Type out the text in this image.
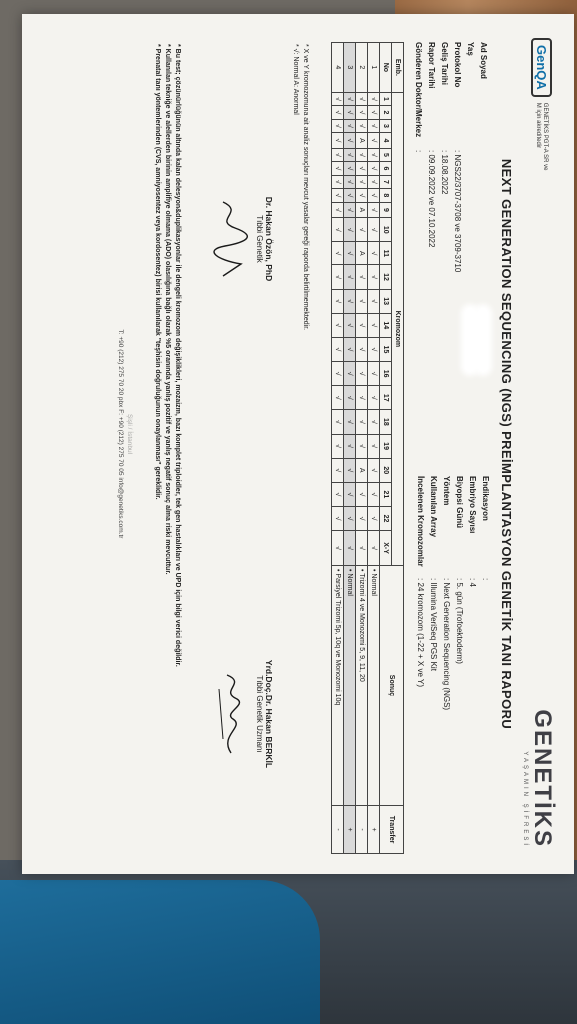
GenQA
GENETİKS PGT-A SR ve M için akreditedir
GENETİKS
YAŞAMIN ŞİFRESİ
NEXT GENERATION SEQUENCING (NGS) PREİMPLANTASYON GENETİK TANI RAPORU
Ad Soyad
Yaş
Protokol No
: NGS22/3707-3708 ve 3709-3710
Geliş Tarihi
: 18.08.2022
Rapor Tarihi
: 09.09.2022 ve 07.10.2022
Gönderen Doktor/Merkez
:
Endikasyon
:
Embriyo Sayısı
: 4
Biyopsi Günü
: 5. gün (Trofoektoderm)
Yöntem
: Next Generation Sequencing (NGS)
Kullanılan Array
: Illumina VeriSeq PGS Kit
İncelenen Kromozomlar
: 24 kromozom (1-22 + X ve Y)
Emb.	Kromozom																							Sonuç	Transfer
No	1	2	3	4	5	6	7	8	9	10	11	12	13	14	15	16	17	18	19	20	21	22	X-Y		
1	√	√	√	√	√	√	√	√	√	√	√	√	√	√	√	√	√	√	√	√	√	√	√	• Normal	+
2	√	√	√	A	√	√	√	√	A	√	A	√	√	√	√	√	√	√	√	A	√	√	√	• Trizomi 4 ve Monozomi 5, 9, 11, 20	-
3	√	√	√	√	√	√	√	√	√	√	√	√	√	√	√	√	√	√	√	√	√	√	√	• Normal	+
4	√	√	√	√	√	√	√	√	√	√	√	√	√	√	√	√	√	√	√	√	√	√	√	• Parsiyel Trizomi 5p, 10q ve Monozomi 10q	-
* X ve Y kromozomuna ait analiz sonuçları mevcut yasalar gereği raporda belirtilmemektedir.
* √: Normal A: Anormal
Dr. Hakan Özön, PhD
Tıbbi Genetik
Yrd.Doç.Dr. Hakan BERKİL
Tıbbi Genetik Uzmanı
* Bu test; çözünürlüğünün altında kalan delesyon&duplikasyonlar ile dengeli kromozom değişiklikleri, mozaizm, bazı komplet triploidler, tek gen hastalıkları ve UPD için bilgi verici değildir.
* Kullanılan tekniğe ve alellerden birinin amplifiye olmama (ADO) olasılığına bağlı olarak %5 oranında yanlış pozitif ve yanlış negatif sonuç alma riski mevcuttur.
* Prenatal tanı yöntemlerinden (CVS, amniyosentez veya kordosentez) birisi kullanılarak "teşhisin doğruluğunun onaylanması" gereklidir.
Şişli / İstanbul
T: +90 (212) 275 70 20 pbx F: +90 (212) 275 70 05 info@genetiks.com.tr
